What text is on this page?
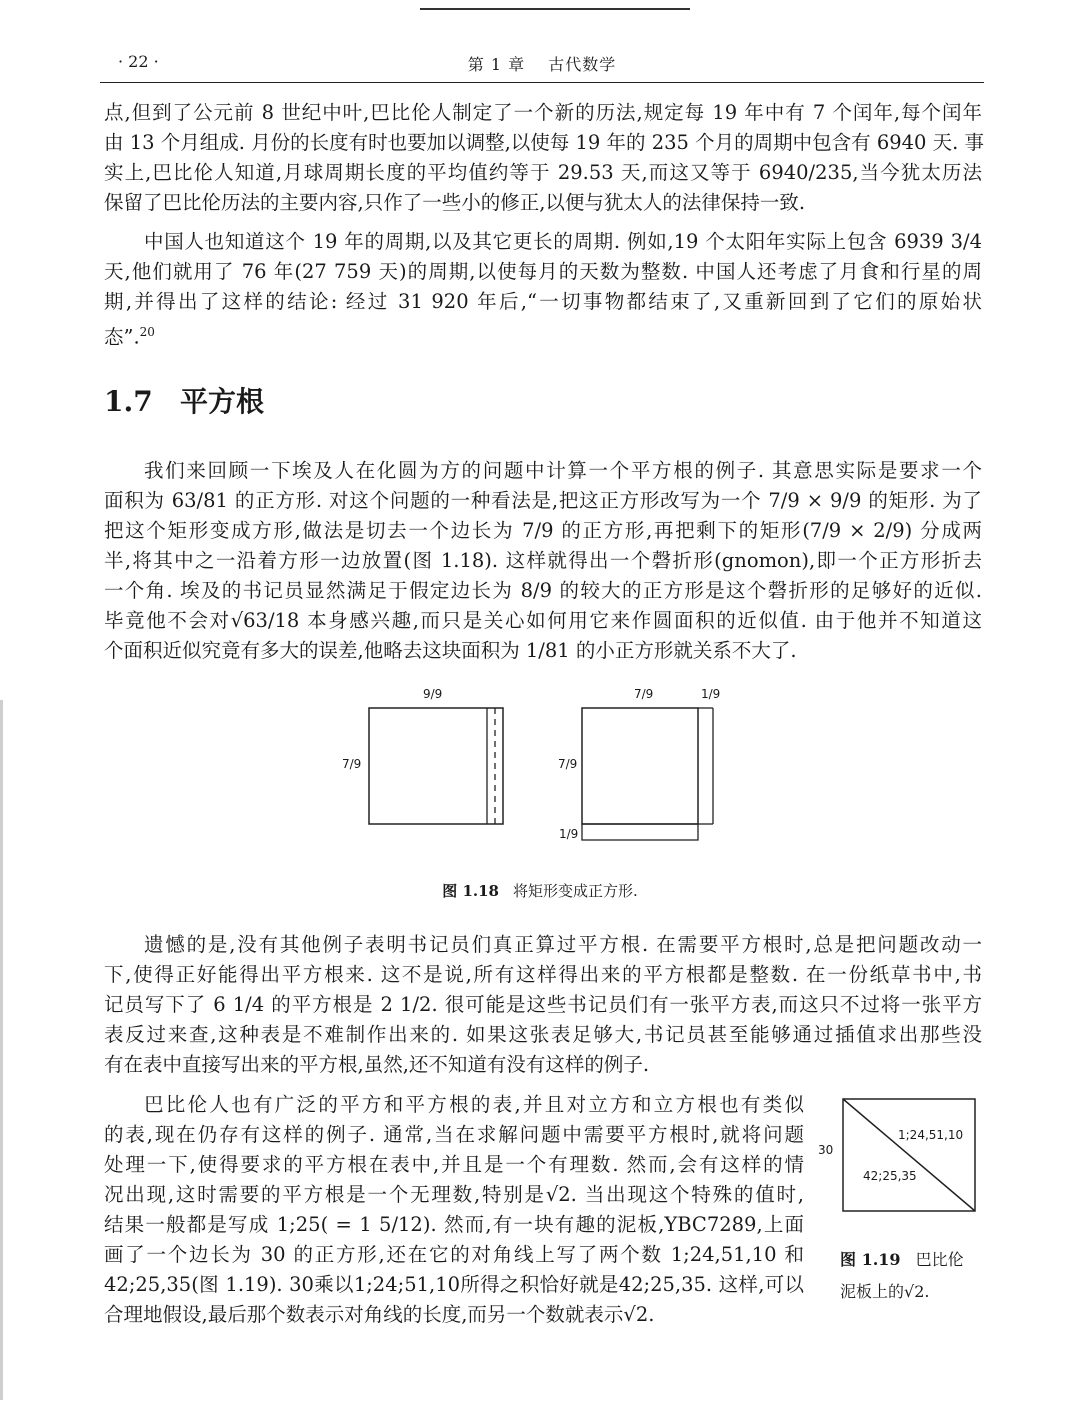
· 22 ·	第 1 章　 古代数学
点,但到了公元前 8 世纪中叶,巴比伦人制定了一个新的历法,规定每 19 年中有 7 个闰年,每个闰年
由 13 个月组成. 月份的长度有时也要加以调整,以使每 19 年的 235 个月的周期中包含有 6940 天. 事
实上,巴比伦人知道,月球周期长度的平均值约等于 29.53 天,而这又等于 6940/235,当今犹太历法
保留了巴比伦历法的主要内容,只作了一些小的修正,以便与犹太人的法律保持一致.
中国人也知道这个 19 年的周期,以及其它更长的周期. 例如,19 个太阳年实际上包含 6939 3/4
天,他们就用了 76 年(27 759 天)的周期,以使每月的天数为整数. 中国人还考虑了月食和行星的周
期,并得出了这样的结论: 经过 31 920 年后,“一切事物都结束了,又重新回到了它们的原始状
态”.$^{20}$
1.7 平方根
我们来回顾一下埃及人在化圆为方的问题中计算一个平方根的例子. 其意思实际是要求一个
面积为 63/81 的正方形. 对这个问题的一种看法是,把这正方形改写为一个 7/9 × 9/9 的矩形. 为了
把这个矩形变成方形,做法是切去一个边长为 7/9 的正方形,再把剩下的矩形(7/9 × 2/9) 分成两
半,将其中之一沿着方形一边放置(图 1.18). 这样就得出一个磬折形(gnomon),即一个正方形折去
一个角. 埃及的书记员显然满足于假定边长为 8/9 的较大的正方形是这个磬折形的足够好的近似.
毕竟他不会对√63/18 本身感兴趣,而只是关心如何用它来作圆面积的近似值. 由于他并不知道这
个面积近似究竟有多大的误差,他略去这块面积为 1/81 的小正方形就关系不大了.
9/9
7/9
7/9	1/9
7/9
1/9
图 1.18 将矩形变成正方形.
遗憾的是,没有其他例子表明书记员们真正算过平方根. 在需要平方根时,总是把问题改动一
下,使得正好能得出平方根来. 这不是说,所有这样得出来的平方根都是整数. 在一份纸草书中,书
记员写下了 6 1/4 的平方根是 2 1/2. 很可能是这些书记员们有一张平方表,而这只不过将一张平方
表反过来查,这种表是不难制作出来的. 如果这张表足够大,书记员甚至能够通过插值求出那些没
有在表中直接写出来的平方根,虽然,还不知道有没有这样的例子.
巴比伦人也有广泛的平方和平方根的表,并且对立方和立方根也有类似
的表,现在仍存有这样的例子. 通常,当在求解问题中需要平方根时,就将问题
处理一下,使得要求的平方根在表中,并且是一个有理数. 然而,会有这样的情
况出现,这时需要的平方根是一个无理数,特别是√2. 当出现这个特殊的值时,
结果一般都是写成 1;25( = 1 5/12). 然而,有一块有趣的泥板,YBC7289,上面
画了一个边长为 30 的正方形,还在它的对角线上写了两个数 1;24,51,10 和
42;25,35(图 1.19). 30乘以1;24;51,10所得之积恰好就是42;25,35. 这样,可以
合理地假设,最后那个数表示对角线的长度,而另一个数就表示√2.
30
1;24,51,10
42;25,35
图 1.19 巴比伦
泥板上的√2.
